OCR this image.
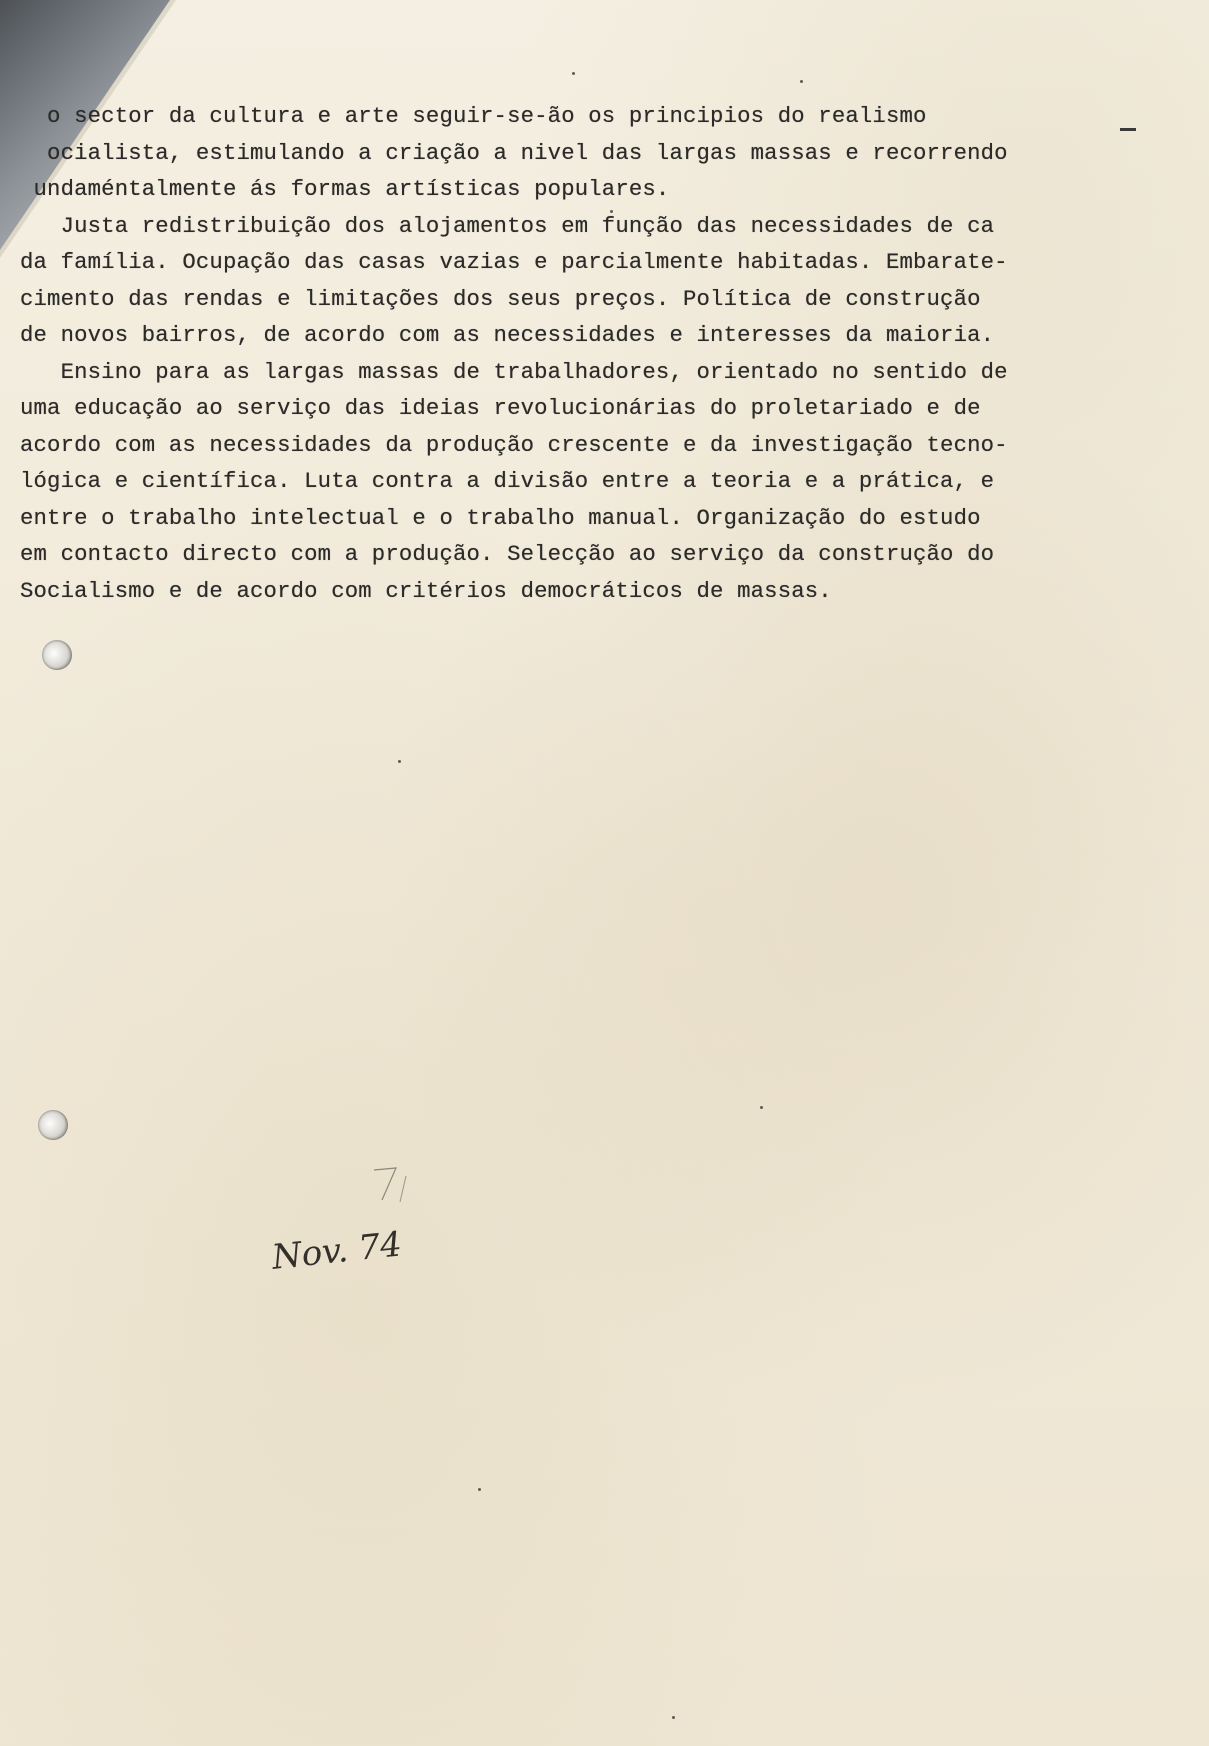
o sector da cultura e arte seguir-se-ão os principios do realismo
ocialista, estimulando a criação a nivel das largas massas e recorrendo
undaméntalmente ás formas artísticas populares.
Justa redistribuição dos alojamentos em função das necessidades de ca
da família. Ocupação das casas vazias e parcialmente habitadas. Embarate-
cimento das rendas e limitações dos seus preços. Política de construção
de novos bairros, de acordo com as necessidades e interesses da maioria.
Ensino para as largas massas de trabalhadores, orientado no sentido de
uma educação ao serviço das ideias revolucionárias do proletariado e de
acordo com as necessidades da produção crescente e da investigação tecno-
lógica e científica. Luta contra a divisão entre a teoria e a prática, e
entre o trabalho intelectual e o trabalho manual. Organização do estudo
em contacto directo com a produção. Selecção ao serviço da construção do
Socialismo e de acordo com critérios democráticos de massas.
Nov. 74
